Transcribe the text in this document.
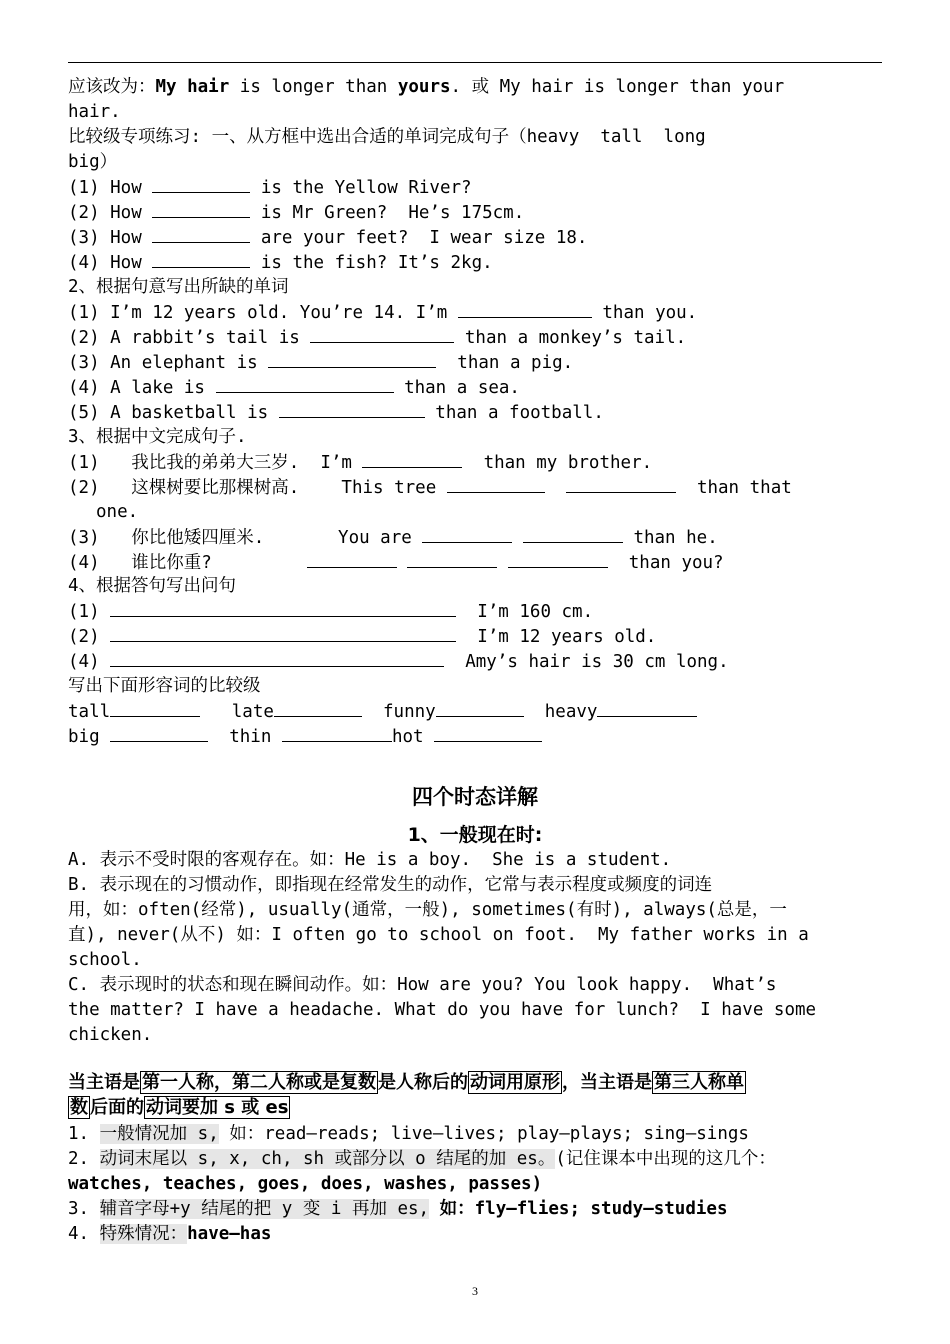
应该改为：My hair is longer than yours. 或 My hair is longer than your
hair.
比较级专项练习: 一、从方框中选出合适的单词完成句子（heavy  tall  long
big）
(1) How	is the Yellow River?
(2) How	is Mr Green?  He’s 175cm.
(3) How	are your feet?  I wear size 18.
(4) How	is the fish? It’s 2kg.
2、根据句意写出所缺的单词
(1) I’m 12 years old. You’re 14. I’m	than you.
(2) A rabbit’s tail is	than a monkey’s tail.
(3) An elephant is	than a pig.
(4) A lake is	than a sea.
(5) A basketball is	than a football.
3、根据中文完成句子.
(1)   我比我的弟弟大三岁.  I’m	than my brother.
(2) 这棵树要比那棵树高. This tree	than that
one.
(3) 你比他矮四厘米.	You are	than he.
(4) 谁比你重?	than you?
4、根据答句写出问句
(1)	I’m 160 cm.
(2)	I’m 12 years old.
(4)	Amy’s hair is 30 cm long.
写出下面形容词的比较级
tall	late	funny	heavy
big	thin	hot
四个时态详解
1、一般现在时:
A. 表示不受时限的客观存在。如：He is a boy.  She is a student.
B. 表示现在的习惯动作，即指现在经常发生的动作，它常与表示程度或频度的词连
用，如：often(经常), usually(通常，一般), sometimes(有时), always(总是，一
直), never(从不) 如：I often go to school on foot.  My father works in a
school.
C. 表示现时的状态和现在瞬间动作。如：How are you? You look happy.  What’s
the matter? I have a headache. What do you have for lunch?  I have some
chicken.
当主语是 第一人称，第二人称或是复数 是人称后的 动词用原形 ，当主语是 第三人称单
数 后面的 动词要加 s 或 es
1. 一般情况加 s, 如：read—reads; live—lives; play—plays; sing—sings
2. 动词末尾以 s, x, ch, sh 或部分以 o 结尾的加 es。(记住课本中出现的这几个：
watches, teaches, goes, does, washes, passes)
3. 辅音字母+y 结尾的把 y 变 i 再加 es, 如：fly—flies; study—studies
4. 特殊情况：have—has
3
